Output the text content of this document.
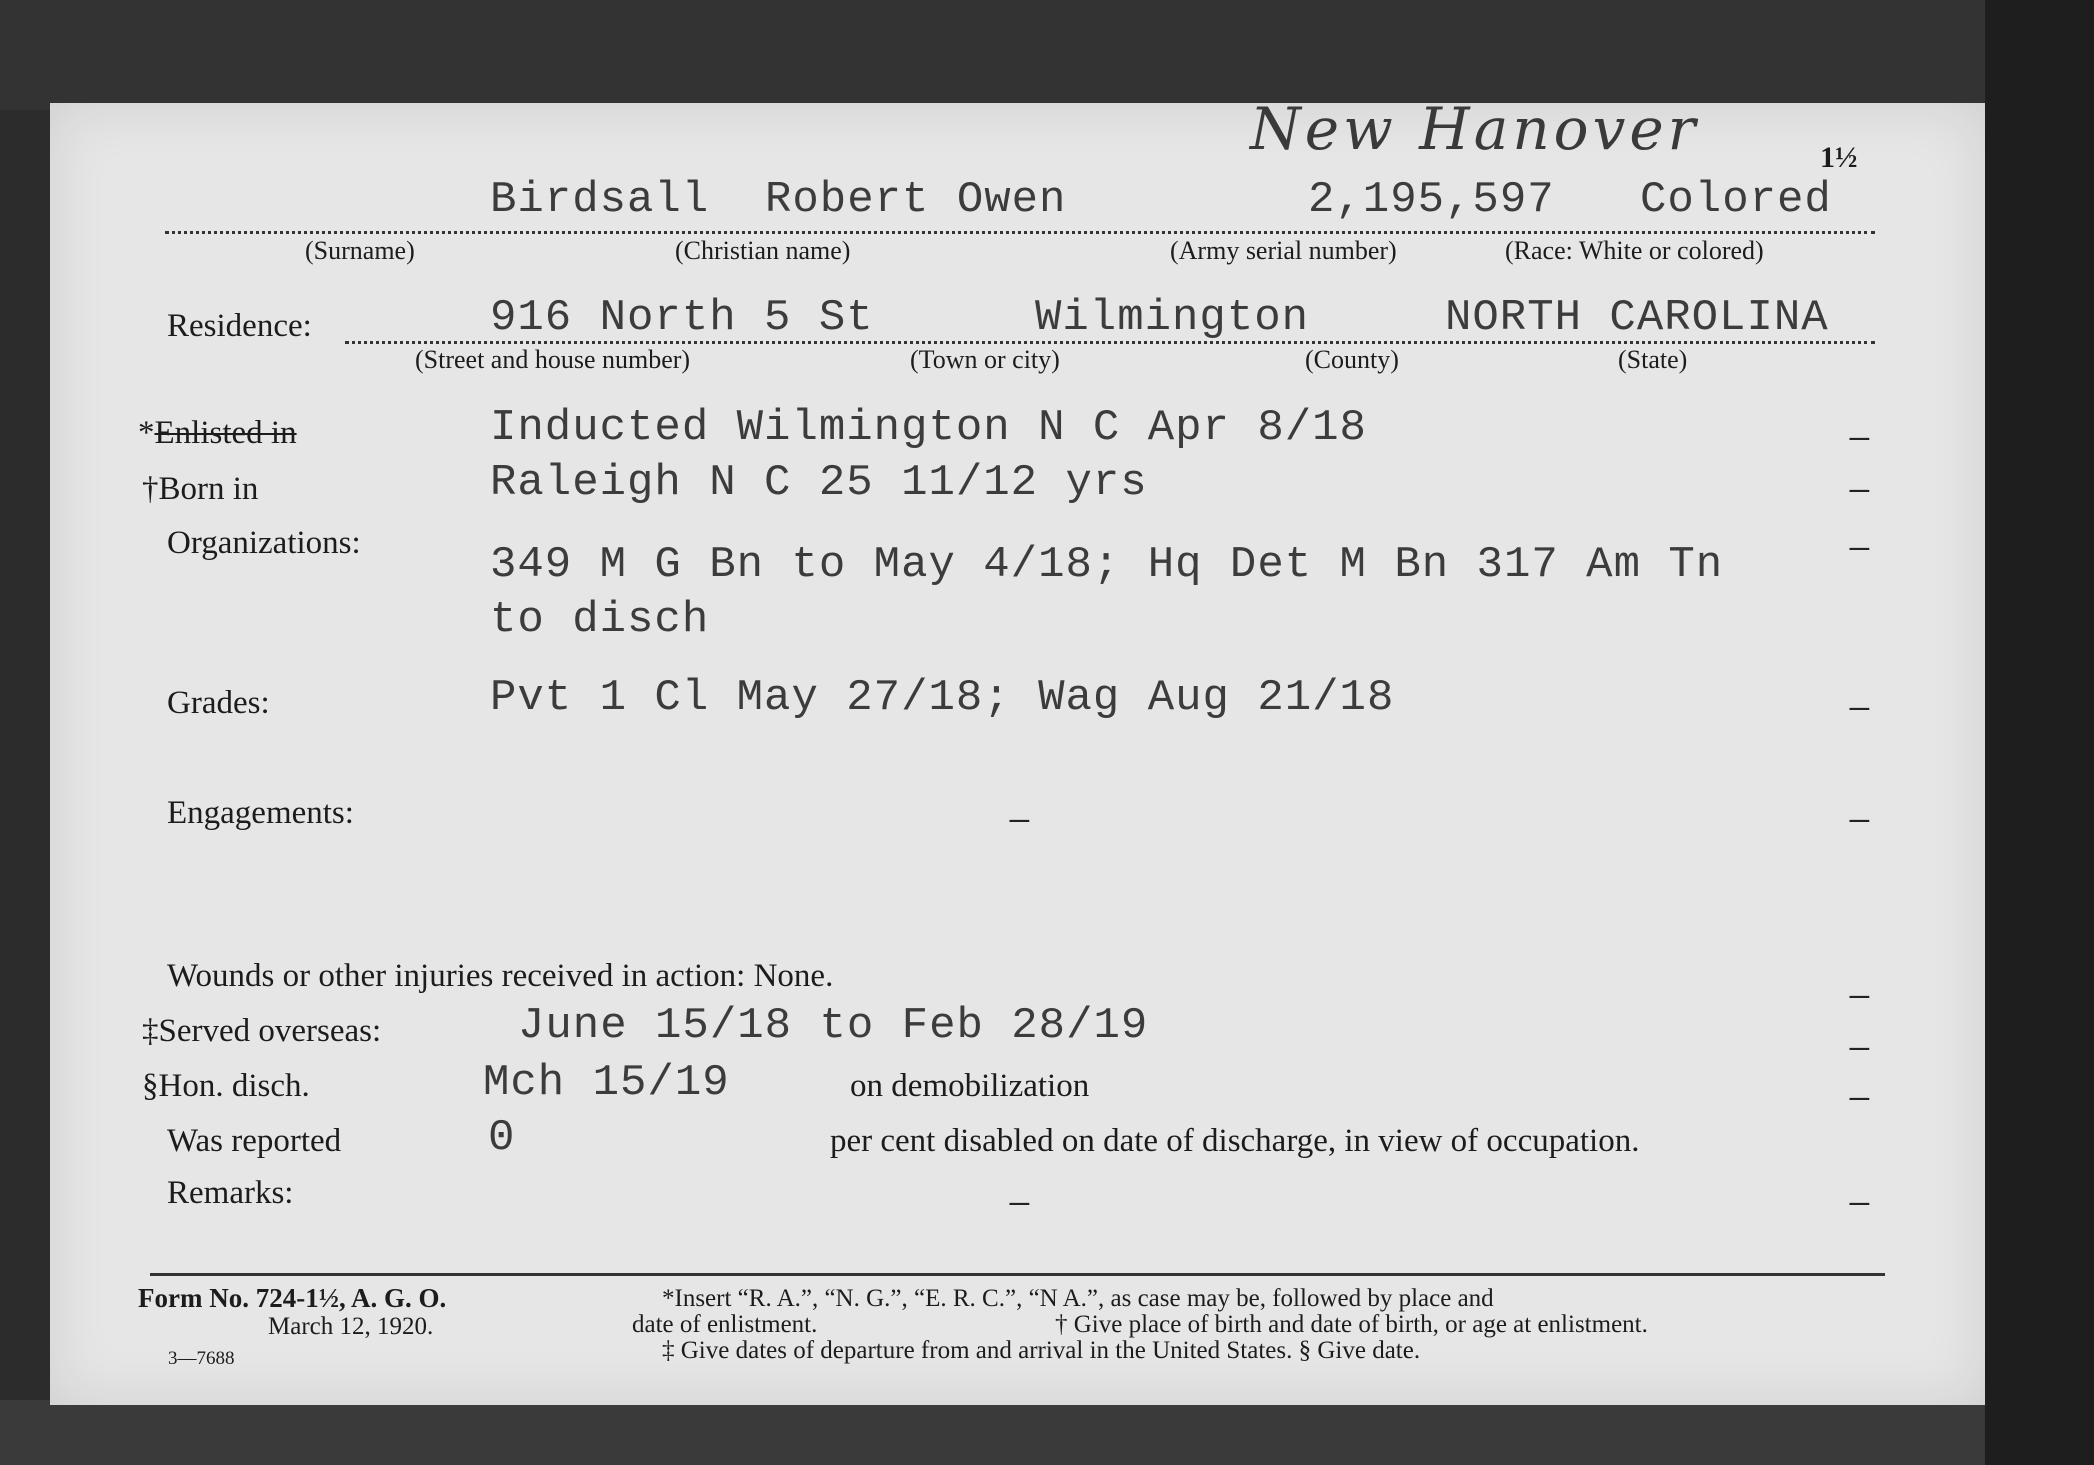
New Hanover	1½
Birdsall Robert Owen	2,195,597 Colored
(Surname)	(Christian name)	(Army serial number)	(Race: White or colored)
Residence:	916 North 5 St	Wilmington	NORTH CAROLINA
(Street and house number)	(Town or city)	(County)	(State)
*Enlisted in	Inducted Wilmington N C Apr 8/18	_
†Born in	Raleigh N C 25 11/12 yrs	_
Organizations:	349 M G Bn to May 4/18; Hq Det M Bn 317 Am Tn
to disch
_
Grades:	Pvt 1 Cl May 27/18; Wag Aug 21/18	_
Engagements:	_	_
Wounds or other injuries received in action: None.	_
‡Served overseas:	June 15/18 to Feb 28/19	_
§Hon. disch.	Mch 15/19	on demobilization	_
Was reported	0	per cent disabled on date of discharge, in view of occupation.
Remarks:	_	_
Form No. 724-1½, A. G. O.
March 12, 1920.
3—7688
*Insert “R. A.”, “N. G.”, “E. R. C.”, “N A.”, as case may be, followed by place and
date of enlistment.	† Give place of birth and date of birth, or age at enlistment.
‡ Give dates of departure from and arrival in the United States. § Give date.
